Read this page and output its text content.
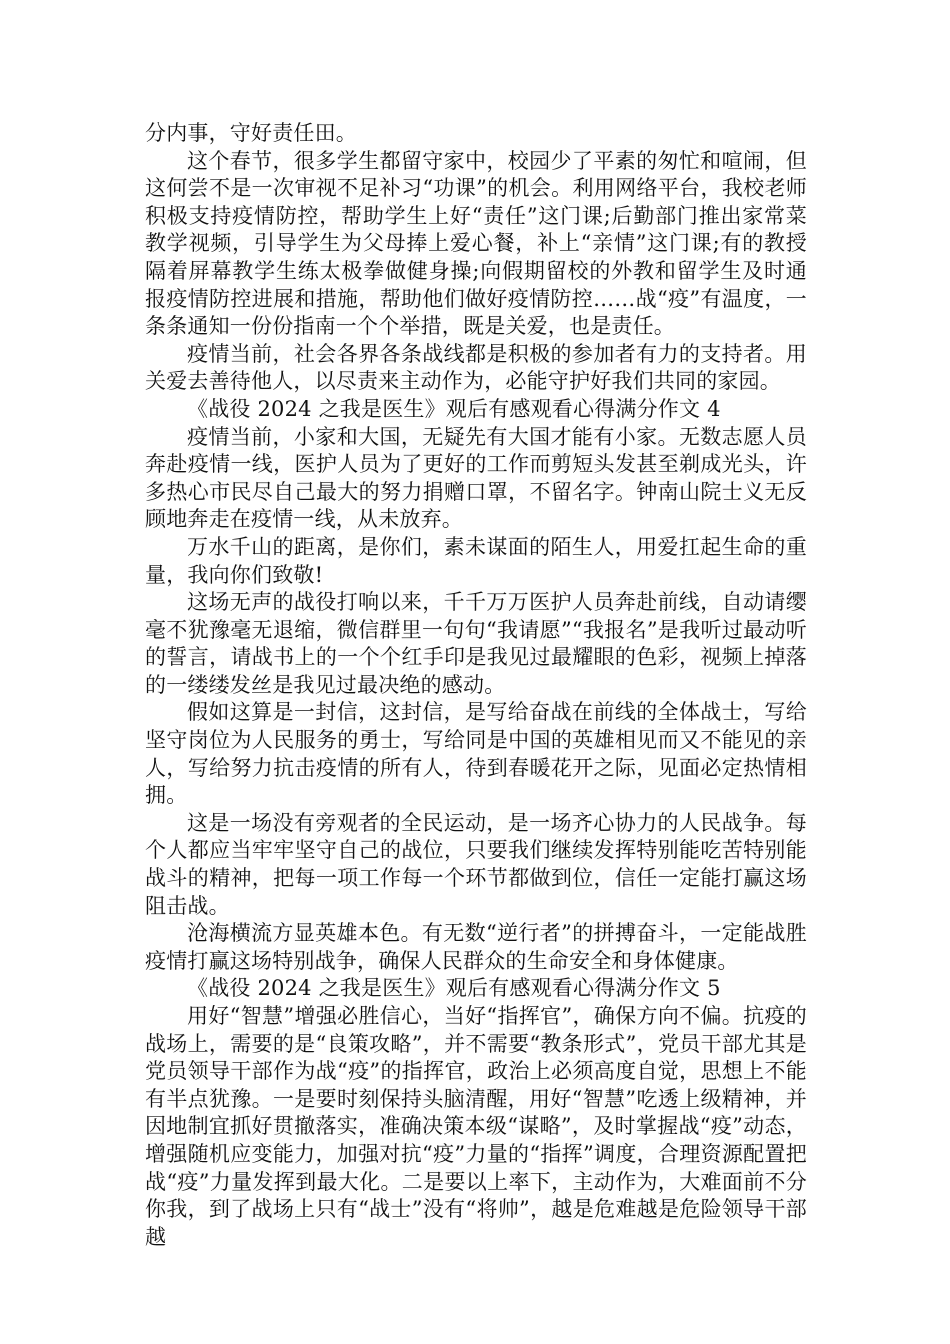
分内事，守好责任田。

这个春节，很多学生都留守家中，校园少了平素的匆忙和喧闹，但这何尝不是一次审视不足补习“功课”的机会。利用网络平台，我校老师积极支持疫情防控，帮助学生上好“责任”这门课;后勤部门推出家常菜教学视频，引导学生为父母捧上爱心餐，补上“亲情”这门课;有的教授隔着屏幕教学生练太极拳做健身操;向假期留校的外教和留学生及时通报疫情防控进展和措施，帮助他们做好疫情防控……战“疫”有温度，一条条通知一份份指南一个个举措，既是关爱，也是责任。

疫情当前，社会各界各条战线都是积极的参加者有力的支持者。用关爱去善待他人，以尽责来主动作为，必能守护好我们共同的家园。

《战役 2024 之我是医生》观后有感观看心得满分作文 4

疫情当前，小家和大国，无疑先有大国才能有小家。无数志愿人员奔赴疫情一线，医护人员为了更好的工作而剪短头发甚至剃成光头，许多热心市民尽自己最大的努力捐赠口罩，不留名字。钟南山院士义无反顾地奔走在疫情一线，从未放弃。

万水千山的距离，是你们，素未谋面的陌生人，用爱扛起生命的重量，我向你们致敬!

这场无声的战役打响以来，千千万万医护人员奔赴前线，自动请缨毫不犹豫毫无退缩，微信群里一句句“我请愿”“我报名”是我听过最动听的誓言，请战书上的一个个红手印是我见过最耀眼的色彩，视频上掉落的一缕缕发丝是我见过最决绝的感动。

假如这算是一封信，这封信，是写给奋战在前线的全体战士，写给坚守岗位为人民服务的勇士，写给同是中国的英雄相见而又不能见的亲人，写给努力抗击疫情的所有人，待到春暖花开之际，见面必定热情相拥。

这是一场没有旁观者的全民运动，是一场齐心协力的人民战争。每个人都应当牢牢坚守自己的战位，只要我们继续发挥特别能吃苦特别能战斗的精神，把每一项工作每一个环节都做到位，信任一定能打赢这场阻击战。

沧海横流方显英雄本色。有无数“逆行者”的拼搏奋斗，一定能战胜疫情打赢这场特别战争，确保人民群众的生命安全和身体健康。

《战役 2024 之我是医生》观后有感观看心得满分作文 5

用好“智慧”增强必胜信心，当好“指挥官”，确保方向不偏。抗疫的战场上，需要的是“良策攻略”，并不需要“教条形式”，党员干部尤其是党员领导干部作为战“疫”的指挥官，政治上必须高度自觉，思想上不能有半点犹豫。一是要时刻保持头脑清醒，用好“智慧”吃透上级精神，并因地制宜抓好贯撤落实，准确决策本级“谋略”，及时掌握战“疫”动态，增强随机应变能力，加强对抗“疫”力量的“指挥”调度，合理资源配置把战“疫”力量发挥到最大化。二是要以上率下，主动作为，大难面前不分你我，到了战场上只有“战士”没有“将帅”，越是危难越是危险领导干部越
